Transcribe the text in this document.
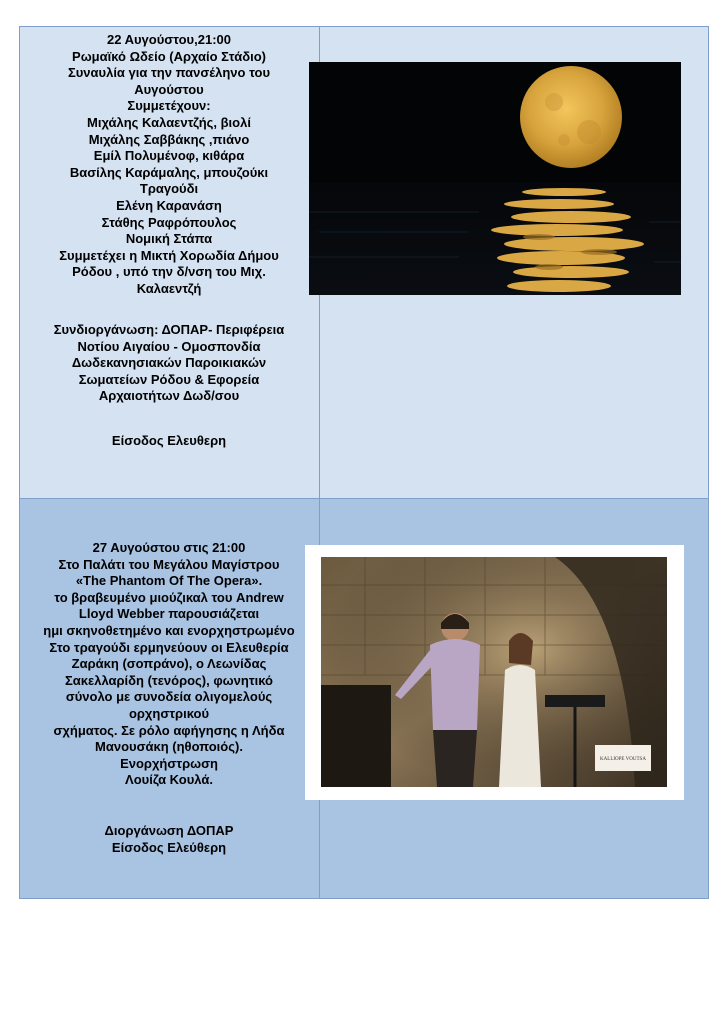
22 Αυγούστου,21:00
Ρωμαϊκό Ωδείο (Αρχαίο Στάδιο)
Συναυλία για την πανσέληνο του
Αυγούστου
Συμμετέχουν:
Μιχάλης Καλαεντζής, βιολί
Μιχάλης Σαββάκης ,πιάνο
Εμίλ Πολυμένοφ, κιθάρα
Βασίλης Καράμαλης, μπουζούκι
Τραγούδι
Ελένη Καρανάση
Στάθης Ραφρόπουλος
Νομική Στάπα
Συμμετέχει η Μικτή Χορωδία Δήμου
Ρόδου , υπό την δ/νση του Μιχ.
Καλαεντζή
Συνδιοργάνωση: ΔΟΠΑΡ- Περιφέρεια
Νοτίου Αιγαίου - Ομοσπονδία
Δωδεκανησιακών Παροικιακών
Σωματείων Ρόδου & Εφορεία
Αρχαιοτήτων Δωδ/σου
Είσοδος Ελευθερη
27 Αυγούστου στις 21:00
Στο Παλάτι του Μεγάλου Μαγίστρου
«The Phantom Of The Opera».
το βραβευμένο μιούζικαλ του Andrew
Lloyd Webber παρουσιάζεται
ημι σκηνοθετημένο και ενορχηστρωμένο
Στο τραγούδι ερμηνεύουν οι Ελευθερία
Ζαράκη (σοπράνο), ο Λεωνίδας
Σακελλαρίδη (τενόρος), φωνητικό
σύνολο με συνοδεία ολιγομελούς
ορχηστρικού
σχήματος. Σε ρόλο αφήγησης η Λήδα
Μανουσάκη (ηθοποιός).
Ενορχήστρωση
Λουίζα Κουλά.
Διοργάνωση ΔΟΠΑΡ
Είσοδος Ελεύθερη
KALLIOPE VOUTSA
